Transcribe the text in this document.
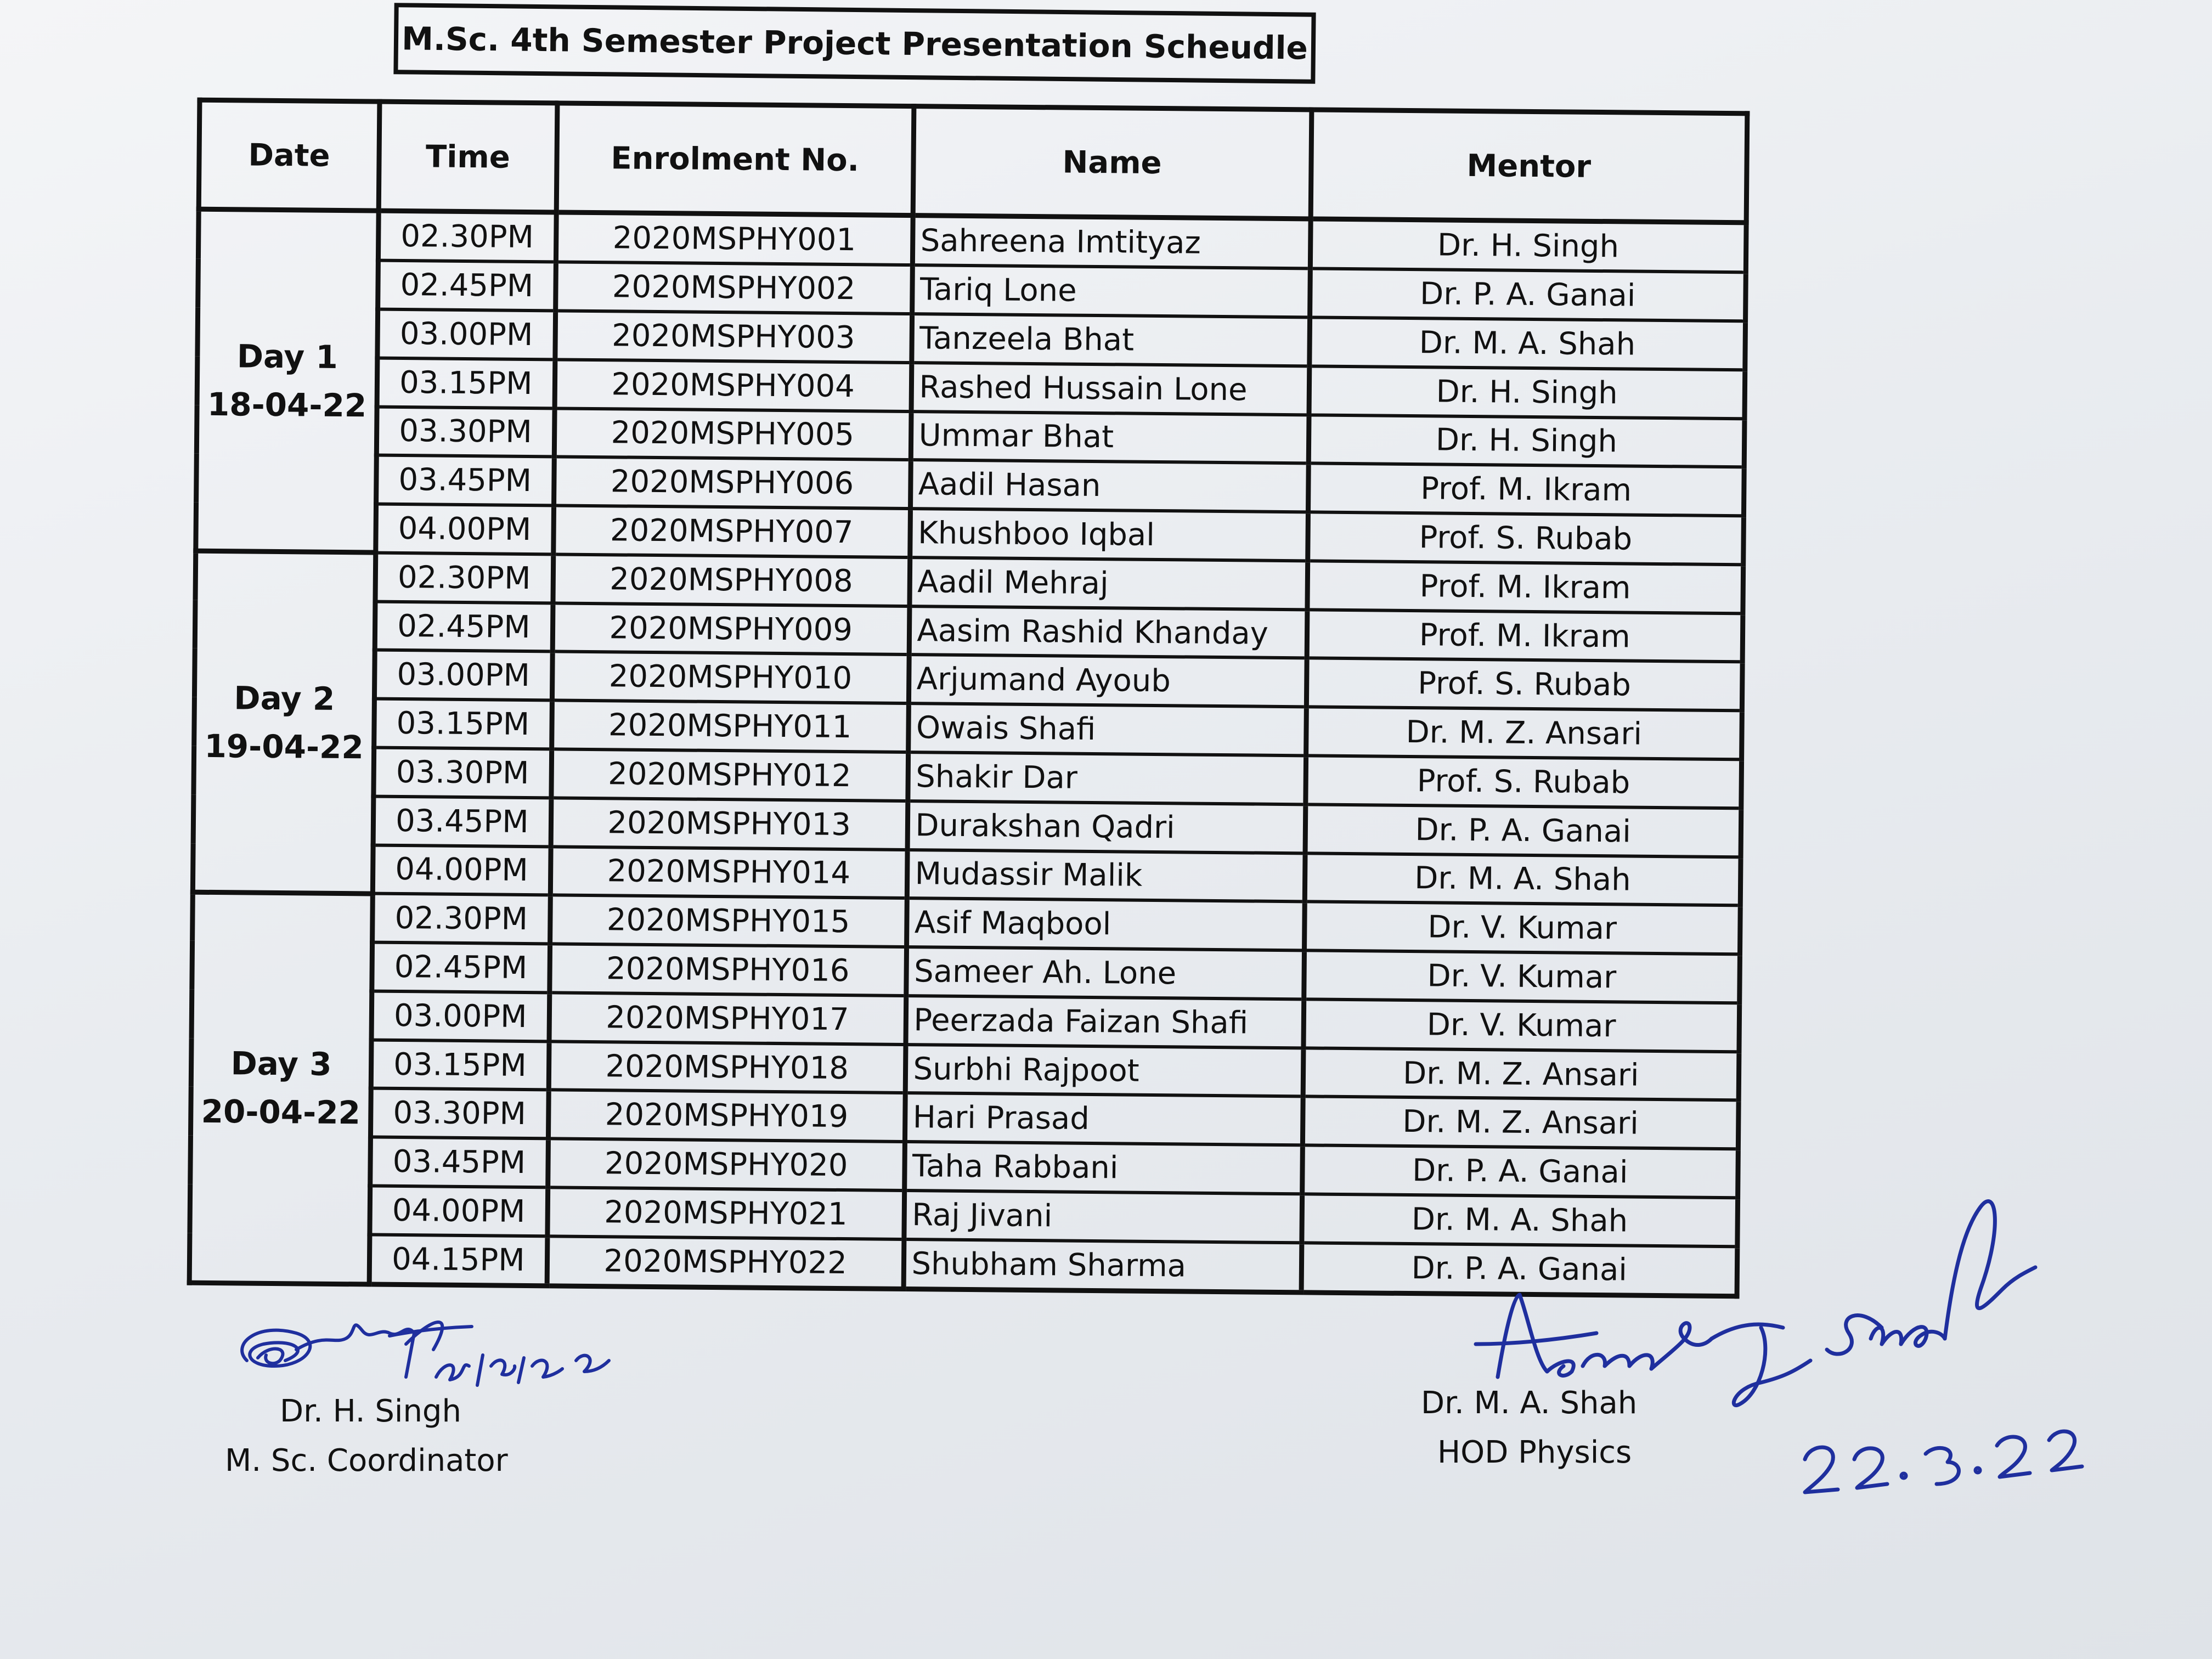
M.Sc. 4th Semester Project Presentation Scheudle
Date	Time	Enrolment No.	Name	Mentor

Day 1
18-04-22	02.30PM	2020MSPHY001	Sahreena Imtityaz	Dr. H. Singh
	02.45PM	2020MSPHY002	Tariq Lone	Dr. P. A. Ganai
	03.00PM	2020MSPHY003	Tanzeela Bhat	Dr. M. A. Shah
	03.15PM	2020MSPHY004	Rashed Hussain Lone	Dr. H. Singh
	03.30PM	2020MSPHY005	Ummar Bhat	Dr. H. Singh
	03.45PM	2020MSPHY006	Aadil Hasan	Prof. M. Ikram
	04.00PM	2020MSPHY007	Khushboo Iqbal	Prof. S. Rubab

Day 2
19-04-22	02.30PM	2020MSPHY008	Aadil Mehraj	Prof. M. Ikram
	02.45PM	2020MSPHY009	Aasim Rashid Khanday	Prof. M. Ikram
	03.00PM	2020MSPHY010	Arjumand Ayoub	Prof. S. Rubab
	03.15PM	2020MSPHY011	Owais Shafi	Dr. M. Z. Ansari
	03.30PM	2020MSPHY012	Shakir Dar	Prof. S. Rubab
	03.45PM	2020MSPHY013	Durakshan Qadri	Dr. P. A. Ganai
	04.00PM	2020MSPHY014	Mudassir Malik	Dr. M. A. Shah

Day 3
20-04-22	02.30PM	2020MSPHY015	Asif Maqbool	Dr. V. Kumar
	02.45PM	2020MSPHY016	Sameer Ah. Lone	Dr. V. Kumar
	03.00PM	2020MSPHY017	Peerzada Faizan Shafi	Dr. V. Kumar
	03.15PM	2020MSPHY018	Surbhi Rajpoot	Dr. M. Z. Ansari
	03.30PM	2020MSPHY019	Hari Prasad	Dr. M. Z. Ansari
	03.45PM	2020MSPHY020	Taha Rabbani	Dr. P. A. Ganai
	04.00PM	2020MSPHY021	Raj Jivani	Dr. M. A. Shah
	04.15PM	2020MSPHY022	Shubham Sharma	Dr. P. A. Ganai
Dr. H. Singh
M. Sc. Coordinator
Dr. M. A. Shah
HOD Physics
